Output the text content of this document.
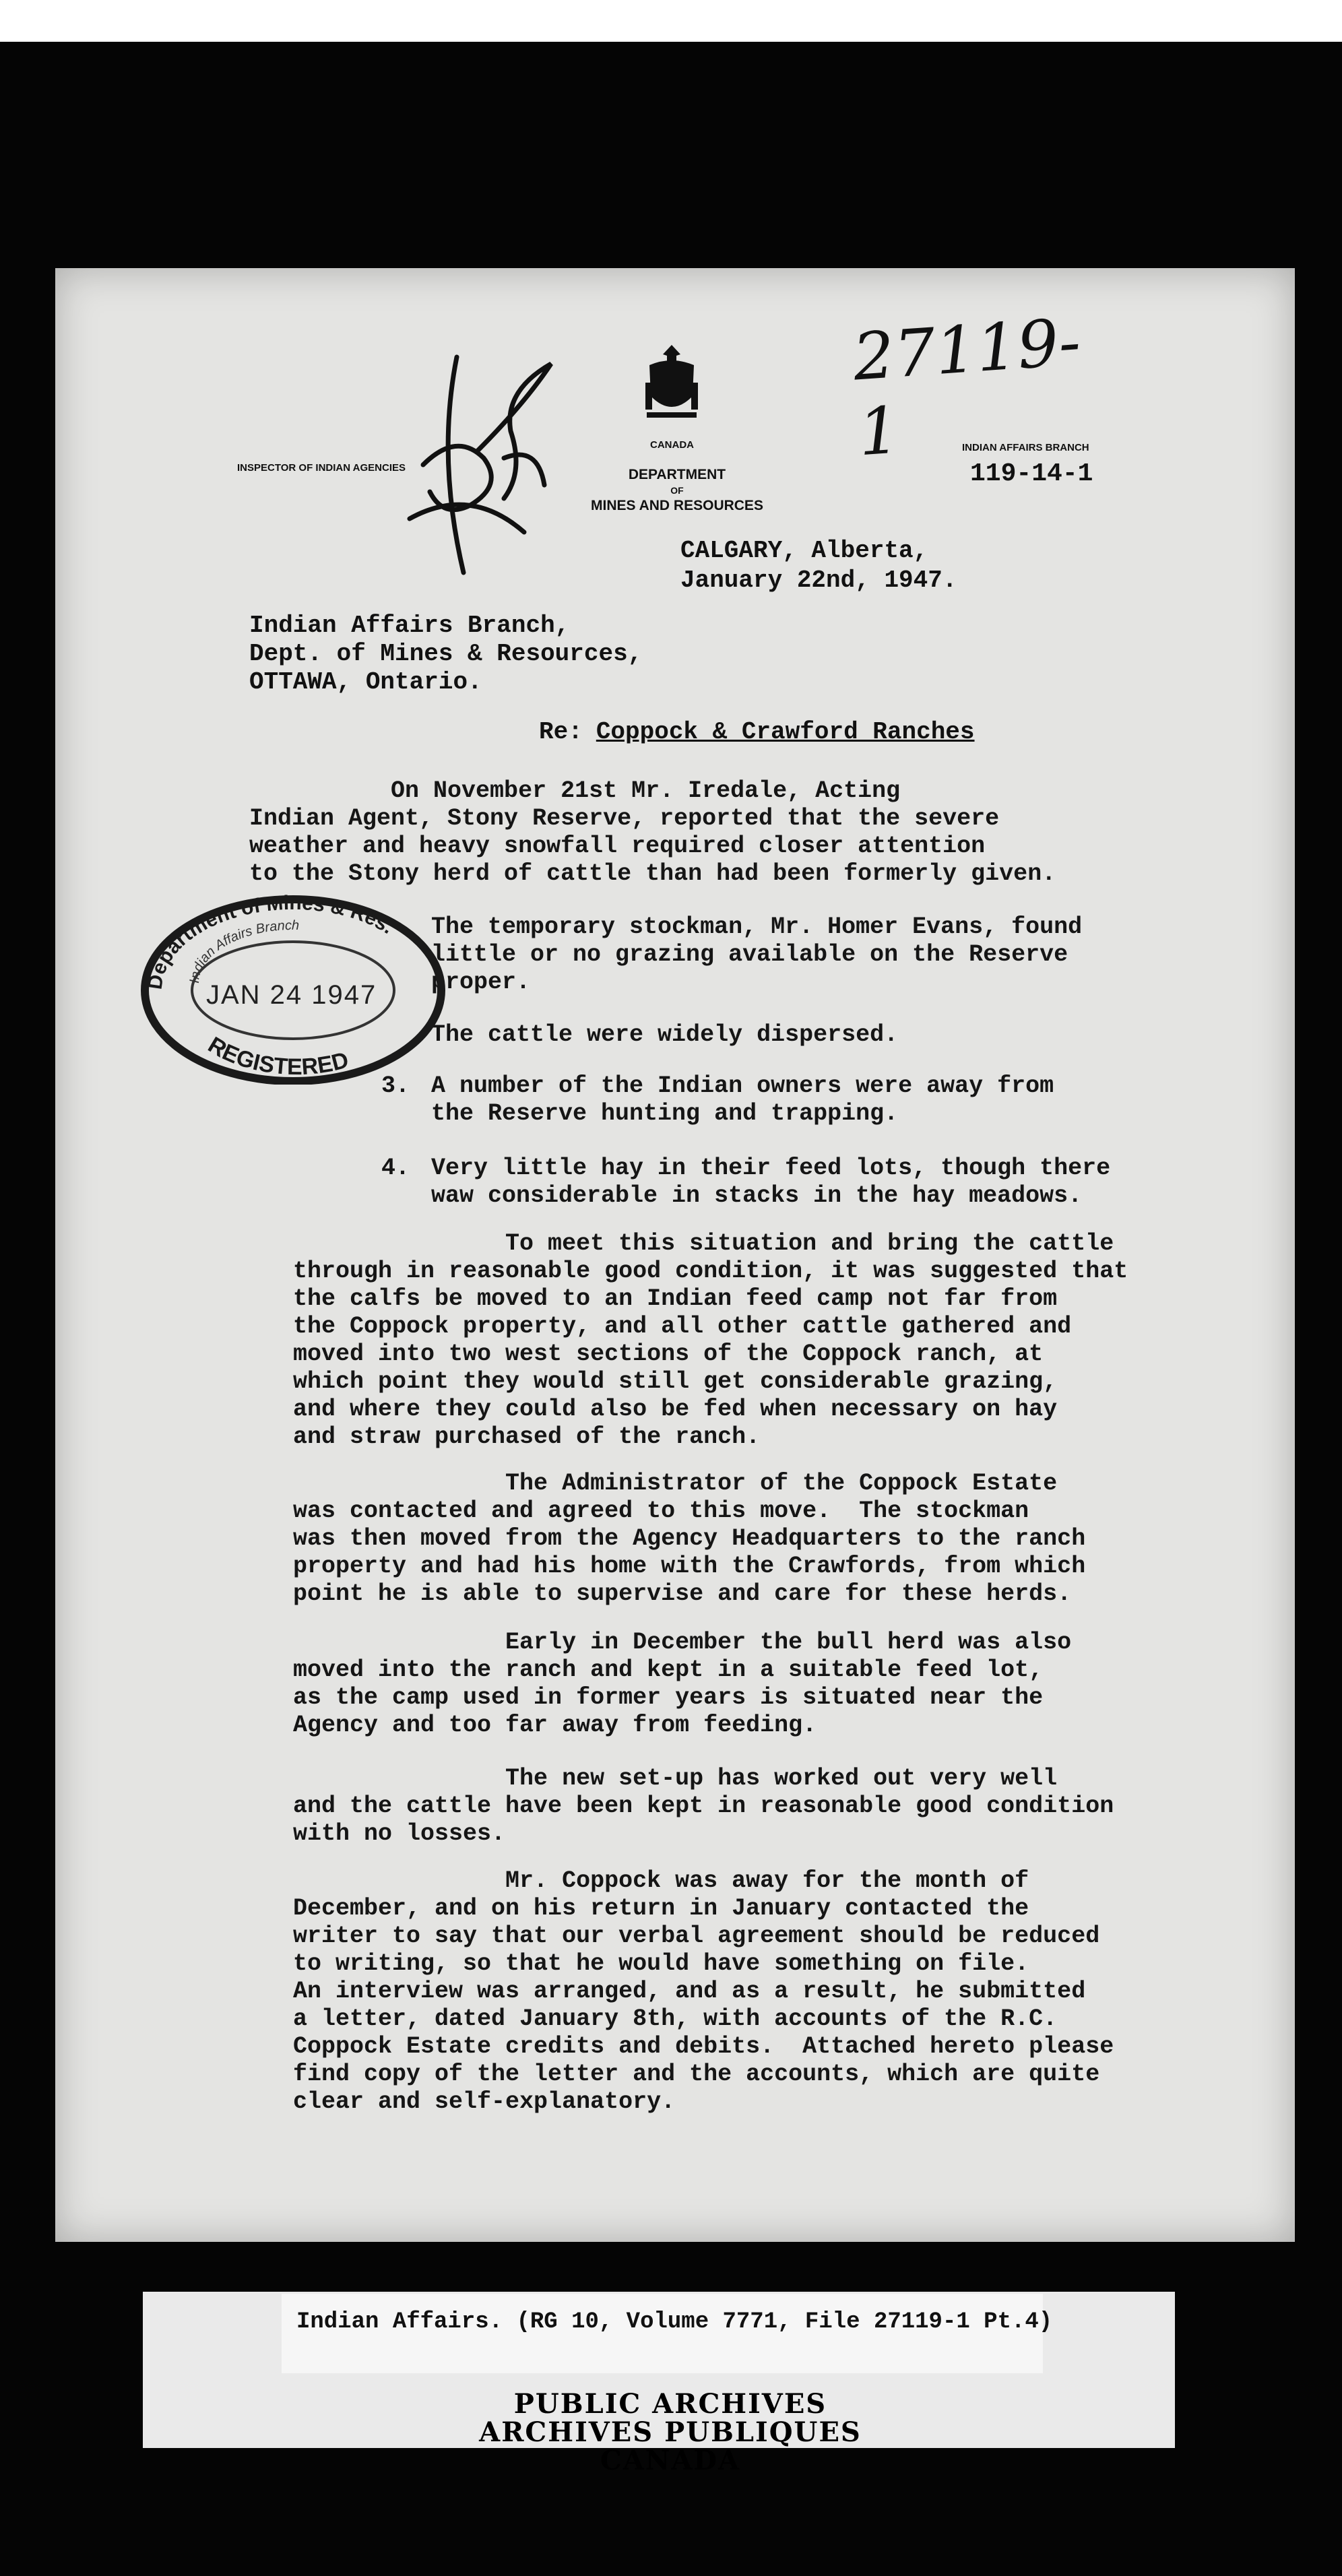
27119-1
INSPECTOR OF INDIAN AGENCIES
CANADA
DEPARTMENT
OF
MINES AND RESOURCES
INDIAN AFFAIRS BRANCH
119-14-1
CALGARY, Alberta,
January 22nd, 1947.
Indian Affairs Branch,
Dept. of Mines & Resources,
OTTAWA, Ontario.
Re: Coppock & Crawford Ranches
On November 21st Mr. Iredale, Acting
Indian Agent, Stony Reserve, reported that the severe
weather and heavy snowfall required closer attention
to the Stony herd of cattle than had been formerly given.
The temporary stockman, Mr. Homer Evans, found
little or no grazing available on the Reserve
proper.
The cattle were widely dispersed.
3. A number of the Indian owners were away from
the Reserve hunting and trapping.
4. Very little hay in their feed lots, though there
waw considerable in stacks in the hay meadows.
To meet this situation and bring the cattle
through in reasonable good condition, it was suggested that
the calfs be moved to an Indian feed camp not far from
the Coppock property, and all other cattle gathered and
moved into two west sections of the Coppock ranch, at
which point they would still get considerable grazing,
and where they could also be fed when necessary on hay
and straw purchased of the ranch.
The Administrator of the Coppock Estate
was contacted and agreed to this move.  The stockman
was then moved from the Agency Headquarters to the ranch
property and had his home with the Crawfords, from which
point he is able to supervise and care for these herds.
Early in December the bull herd was also
moved into the ranch and kept in a suitable feed lot,
as the camp used in former years is situated near the
Agency and too far away from feeding.
The new set-up has worked out very well
and the cattle have been kept in reasonable good condition
with no losses.
Mr. Coppock was away for the month of
December, and on his return in January contacted the
writer to say that our verbal agreement should be reduced
to writing, so that he would have something on file.
An interview was arranged, and as a result, he submitted
a letter, dated January 8th, with accounts of the R.C.
Coppock Estate credits and debits.  Attached hereto please
find copy of the letter and the accounts, which are quite
clear and self-explanatory.
Department of Mines & Res.
Indian Affairs Branch
REGISTERED
JAN 24 1947
Indian Affairs. (RG 10, Volume 7771, File 27119-1 Pt.4)
PUBLIC ARCHIVES
ARCHIVES PUBLIQUES
CANADA
